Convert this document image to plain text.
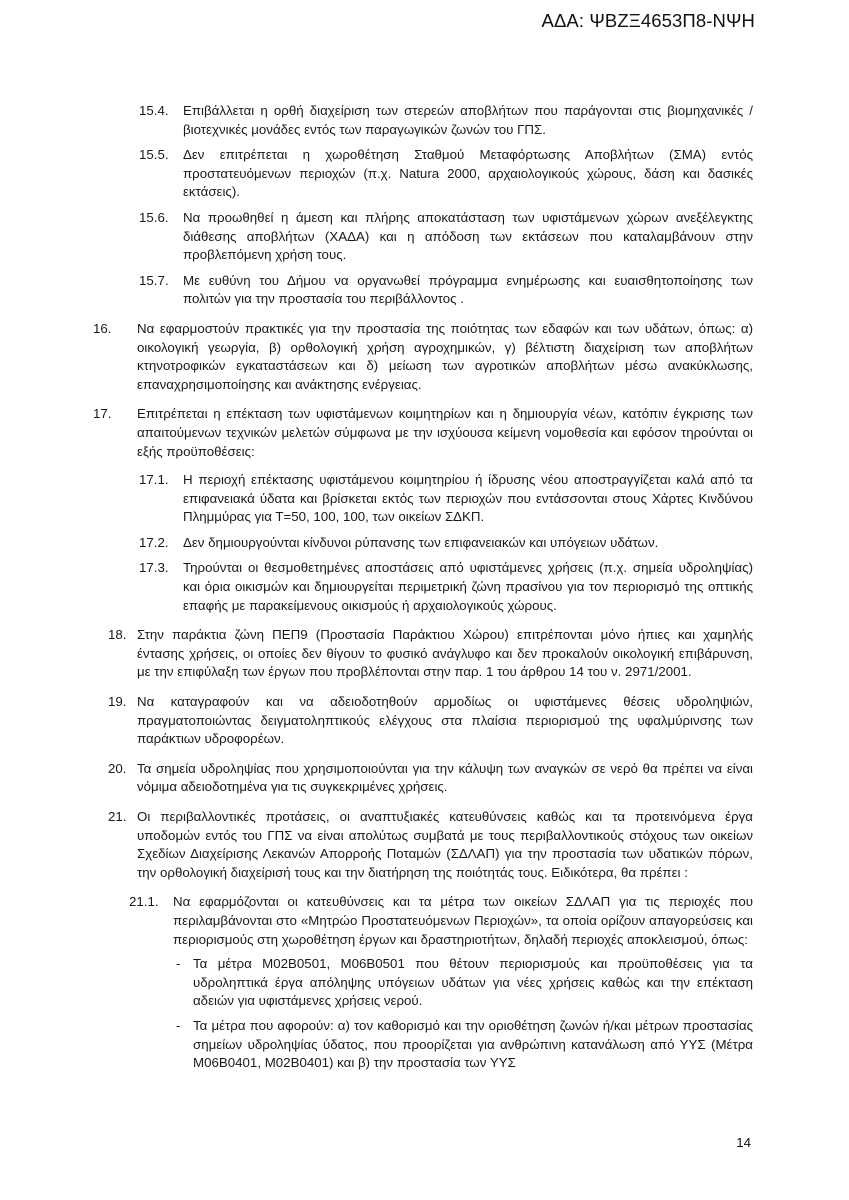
ΑΔΑ: ΨΒΖΞ4653Π8-ΝΨΗ
15.4. Επιβάλλεται η ορθή διαχείριση των στερεών αποβλήτων που παράγονται στις βιομηχανικές / βιοτεχνικές μονάδες εντός των παραγωγικών ζωνών του ΓΠΣ.
15.5. Δεν επιτρέπεται η χωροθέτηση Σταθμού Μεταφόρτωσης Αποβλήτων (ΣΜΑ) εντός προστατευόμενων περιοχών (π.χ. Natura 2000, αρχαιολογικούς χώρους, δάση και δασικές εκτάσεις).
15.6. Να προωθηθεί η άμεση και πλήρης αποκατάσταση των υφιστάμενων χώρων ανεξέλεγκτης διάθεσης αποβλήτων (ΧΑΔΑ) και η απόδοση των εκτάσεων που καταλαμβάνουν στην προβλεπόμενη χρήση τους.
15.7. Με ευθύνη του Δήμου να οργανωθεί πρόγραμμα ενημέρωσης και ευαισθητοποίησης των πολιτών για την προστασία του περιβάλλοντος .
16. Να εφαρμοστούν πρακτικές για την προστασία της ποιότητας των εδαφών και των υδάτων, όπως: α) οικολογική γεωργία, β) ορθολογική χρήση αγροχημικών, γ) βέλτιστη διαχείριση των αποβλήτων κτηνοτροφικών εγκαταστάσεων και δ) μείωση των αγροτικών αποβλήτων μέσω ανακύκλωσης, επαναχρησιμοποίησης και ανάκτησης ενέργειας.
17. Επιτρέπεται η επέκταση των υφιστάμενων κοιμητηρίων και η δημιουργία νέων, κατόπιν έγκρισης των απαιτούμενων τεχνικών μελετών σύμφωνα με την ισχύουσα κείμενη νομοθεσία και εφόσον τηρούνται οι εξής προϋποθέσεις:
17.1. Η περιοχή επέκτασης υφιστάμενου κοιμητηρίου ή ίδρυσης νέου αποστραγγίζεται καλά από τα επιφανειακά ύδατα και βρίσκεται εκτός των περιοχών που εντάσσονται στους Χάρτες Κινδύνου Πλημμύρας για Τ=50, 100, 100, των οικείων ΣΔΚΠ.
17.2. Δεν δημιουργούνται κίνδυνοι ρύπανσης των επιφανειακών και υπόγειων υδάτων.
17.3. Τηρούνται οι θεσμοθετημένες αποστάσεις από υφιστάμενες χρήσεις (π.χ. σημεία υδροληψίας) και όρια οικισμών και δημιουργείται περιμετρική ζώνη πρασίνου για τον περιορισμό της οπτικής επαφής με παρακείμενους οικισμούς ή αρχαιολογικούς χώρους.
18. Στην παράκτια ζώνη ΠΕΠ9 (Προστασία Παράκτιου Χώρου) επιτρέπονται μόνο ήπιες και χαμηλής έντασης χρήσεις, οι οποίες δεν θίγουν το φυσικό ανάγλυφο και δεν προκαλούν οικολογική επιβάρυνση, με την επιφύλαξη των έργων που προβλέπονται στην παρ. 1 του άρθρου 14 του ν. 2971/2001.
19. Να καταγραφούν και να αδειοδοτηθούν αρμοδίως οι υφιστάμενες θέσεις υδροληψιών, πραγματοποιώντας δειγματοληπτικούς ελέγχους στα πλαίσια περιορισμού της υφαλμύρινσης των παράκτιων υδροφορέων.
20. Τα σημεία υδροληψίας που χρησιμοποιούνται για την κάλυψη των αναγκών σε νερό θα πρέπει να είναι νόμιμα αδειοδοτημένα για τις συγκεκριμένες χρήσεις.
21. Οι περιβαλλοντικές προτάσεις, οι αναπτυξιακές κατευθύνσεις καθώς και τα προτεινόμενα έργα υποδομών εντός του ΓΠΣ να είναι απολύτως συμβατά με τους περιβαλλοντικούς στόχους των οικείων Σχεδίων Διαχείρισης Λεκανών Απορροής Ποταμών (ΣΔΛΑΠ) για την προστασία των υδατικών πόρων, την ορθολογική διαχείρισή τους και την διατήρηση της ποιότητάς τους. Ειδικότερα, θα πρέπει :
21.1. Να εφαρμόζονται οι κατευθύνσεις και τα μέτρα των οικείων ΣΔΛΑΠ για τις περιοχές που περιλαμβάνονται στο «Μητρώο Προστατευόμενων Περιοχών», τα οποία ορίζουν απαγορεύσεις και περιορισμούς στη χωροθέτηση έργων και δραστηριοτήτων, δηλαδή περιοχές αποκλεισμού, όπως:
- Τα μέτρα Μ02Β0501, Μ06Β0501 που θέτουν περιορισμούς και προϋποθέσεις για τα υδροληπτικά έργα απόληψης υπόγειων υδάτων για νέες χρήσεις καθώς και την επέκταση αδειών για υφιστάμενες χρήσεις νερού.
- Τα μέτρα που αφορούν: α) τον καθορισμό και την οριοθέτηση ζωνών ή/και μέτρων προστασίας σημείων υδροληψίας ύδατος, που προορίζεται για ανθρώπινη κατανάλωση από ΥΥΣ (Μέτρα Μ06Β0401, Μ02Β0401) και β) την προστασία των ΥΥΣ
14
